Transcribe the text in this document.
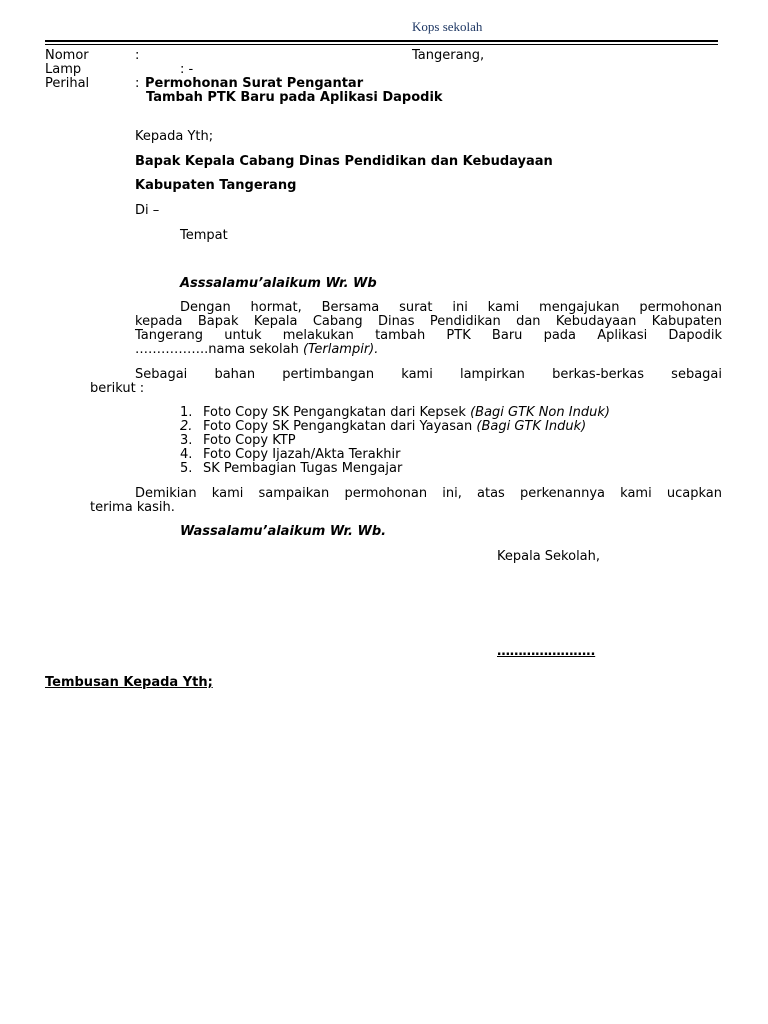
Kops sekolah
Nomor	:	Tangerang,
Lamp	: -
Perihal	: Permohonan Surat Pengantar
Tambah PTK Baru pada Aplikasi Dapodik
Kepada Yth;
Bapak Kepala Cabang Dinas Pendidikan dan Kebudayaan
Kabupaten Tangerang
Di –
Tempat
Asssalamu’alaikum Wr. Wb
Dengan hormat, Bersama surat ini kami mengajukan permohonan
kepada Bapak Kepala Cabang Dinas Pendidikan dan Kebudayaan Kabupaten
Tangerang untuk melakukan tambah PTK Baru pada Aplikasi Dapodik
……………..nama sekolah (Terlampir).
Sebagai bahan pertimbangan kami lampirkan berkas-berkas sebagai
berikut :
1. Foto Copy SK Pengangkatan dari Kepsek (Bagi GTK Non Induk)
2. Foto Copy SK Pengangkatan dari Yayasan (Bagi GTK Induk)
3. Foto Copy KTP
4. Foto Copy Ijazah/Akta Terakhir
5. SK Pembagian Tugas Mengajar
Demikian kami sampaikan permohonan ini, atas perkenannya kami ucapkan
terima kasih.
Wassalamu’alaikum Wr. Wb.
Kepala Sekolah,
…………………..
Tembusan Kepada Yth;
